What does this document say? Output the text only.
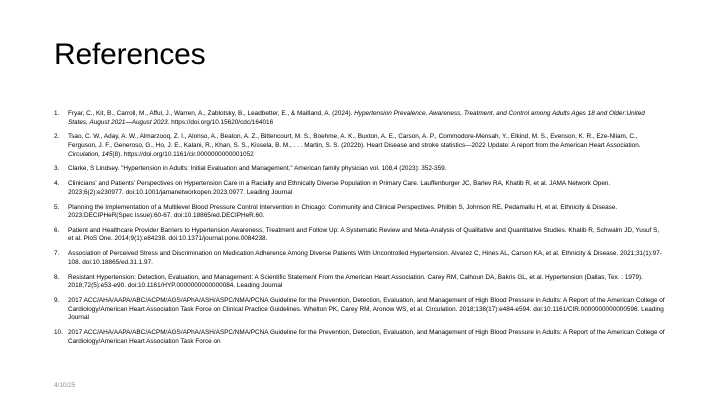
References
1. Fryar, C., Kit, B., Carroll, M., Afful, J., Warren, A., Zablotsky, B., Leadbetter, E., & Maitland, A. (2024). Hypertension Prevalence, Awareness, Treatment, and Control among Adults Ages 18 and Older:United States, August 2021—August 2023. https://doi.org/10.15620/cdc/164016
2. Tsao, C. W., Aday, A. W., Almarzooq, Z. I., Alonso, A., Beaton, A. Z., Bittencourt, M. S., Boehme, A. K., Buxton, A. E., Carson, A. P., Commodore-Mensah, Y., Elkind, M. S., Evenson, K. R., Eze-Nliam, C., Ferguson, J. F., Generoso, G., Ho, J. E., Kalani, R., Khan, S. S., Kissela, B. M., . . . Martin, S. S. (2022b). Heart Disease and stroke statistics—2022 Update: A report from the American Heart Association. Circulation, 145(8). https://doi.org/10.1161/cir.0000000000001052
3. Clarke, S Lindsey. "Hypertension in Adults: Initial Evaluation and Management." American family physician vol. 108,4 (2023): 352-359.
4. Clinicians' and Patients' Perspectives on Hypertension Care in a Racially and Ethnically Diverse Population in Primary Care. Lauffenburger JC, Barlev RA, Khatib R, et al. JAMA Network Open. 2023;6(2):e230977. doi:10.1001/jamanetworkopen.2023.0977. Leading Journal
5. Planning the Implementation of a Multilevel Blood Pressure Control Intervention in Chicago: Community and Clinical Perspectives. Philbin S, Johnson RE, Pedamallu H, et al. Ethnicity & Disease. 2023;DECIPHeR(Spec Issue):60-67. doi:10.18865/ed.DECIPHeR.60.
6. Patient and Healthcare Provider Barriers to Hypertension Awareness, Treatment and Follow Up: A Systematic Review and Meta-Analysis of Qualitative and Quantitative Studies. Khatib R, Schwalm JD, Yusuf S, et al. PloS One. 2014;9(1):e84238. doi:10.1371/journal.pone.0084238.
7. Association of Perceived Stress and Discrimination on Medication Adherence Among Diverse Patients With Uncontrolled Hypertension. Alvarez C, Hines AL, Carson KA, et al. Ethnicity & Disease. 2021;31(1):97-108. doi:10.18865/ed.31.1.97.
8. Resistant Hypertension: Detection, Evaluation, and Management: A Scientific Statement From the American Heart Association. Carey RM, Calhoun DA, Bakris GL, et al. Hypertension (Dallas, Tex. : 1979). 2018;72(5):e53-e90. doi:10.1161/HYP.0000000000000084. Leading Journal
9. 2017 ACC/AHA/AAPA/ABC/ACPM/AGS/APhA/ASH/ASPC/NMA/PCNA Guideline for the Prevention, Detection, Evaluation, and Management of High Blood Pressure in Adults: A Report of the American College of Cardiology/American Heart Association Task Force on Clinical Practice Guidelines. Whelton PK, Carey RM, Aronow WS, et al. Circulation. 2018;138(17):e484-e594. doi:10.1161/CIR.0000000000000596. Leading Journal
10. 2017 ACC/AHA/AAPA/ABC/ACPM/AGS/APhA/ASH/ASPC/NMA/PCNA Guideline for the Prevention, Detection, Evaluation, and Management of High Blood Pressure in Adults: A Report of the American College of Cardiology/American Heart Association Task Force on
4/10/25
